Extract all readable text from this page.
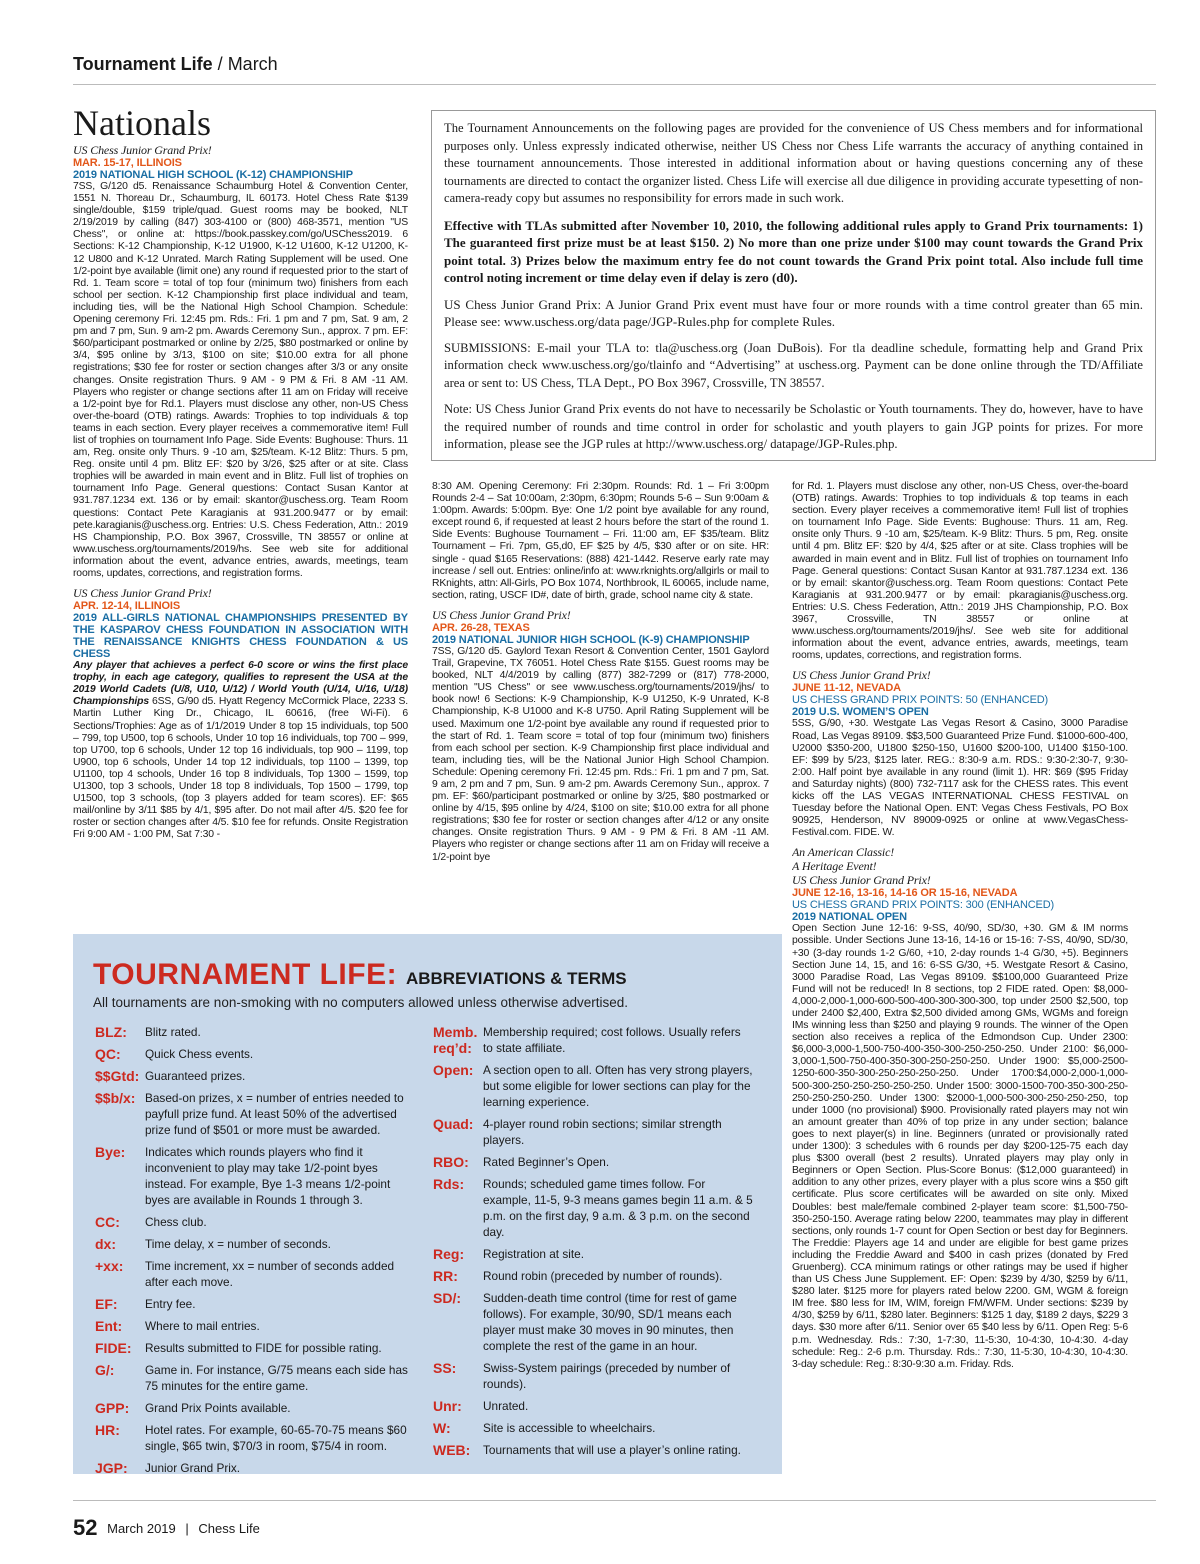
Tournament Life / March
Nationals
US Chess Junior Grand Prix!
MAR. 15-17, ILLINOIS
2019 NATIONAL HIGH SCHOOL (K-12) CHAMPIONSHIP

7SS, G/120 d5. Renaissance Schaumburg Hotel & Convention Center, 1551 N. Thoreau Dr., Schaumburg, IL 60173. Hotel Chess Rate $139 single/double, $159 triple/quad. Guest rooms may be booked, NLT 2/19/2019 by calling (847) 303-4100 or (800) 468-3571, mention "US Chess", or online at: https://book.passkey.com/go/USChess2019. 6 Sections: K-12 Championship, K-12 U1900, K-12 U1600, K-12 U1200, K-12 U800 and K-12 Unrated. March Rating Supplement will be used. One 1/2-point bye available (limit one) any round if requested prior to the start of Rd. 1. Team score = total of top four (minimum two) finishers from each school per section. K-12 Championship first place individual and team, including ties, will be the National High School Champion. Schedule: Opening ceremony Fri. 12:45 pm. Rds.: Fri. 1 pm and 7 pm, Sat. 9 am, 2 pm and 7 pm, Sun. 9 am-2 pm. Awards Ceremony Sun., approx. 7 pm. EF: $60/participant postmarked or online by 2/25, $80 postmarked or online by 3/4, $95 online by 3/13, $100 on site; $10.00 extra for all phone registrations; $30 fee for roster or section changes after 3/3 or any onsite changes. Onsite registration Thurs. 9 AM - 9 PM & Fri. 8 AM -11 AM. Players who register or change sections after 11 am on Friday will receive a 1/2-point bye for Rd.1. Players must disclose any other, non-US Chess over-the-board (OTB) ratings. Awards: Trophies to top individuals & top teams in each section. Every player receives a commemorative item! Full list of trophies on tournament Info Page. Side Events: Bughouse: Thurs. 11 am, Reg. onsite only Thurs. 9 -10 am, $25/team. K-12 Blitz: Thurs. 5 pm, Reg. onsite until 4 pm. Blitz EF: $20 by 3/26, $25 after or at site. Class trophies will be awarded in main event and in Blitz. Full list of trophies on tournament Info Page. General questions: Contact Susan Kantor at 931.787.1234 ext. 136 or by email: skantor@uschess.org. Team Room questions: Contact Pete Karagianis at 931.200.9477 or by email: pete.karagianis@uschess.org. Entries: U.S. Chess Federation, Attn.: 2019 HS Championship, P.O. Box 3967, Crossville, TN 38557 or online at www.uschess.org/tournaments/2019/hs. See web site for additional information about the event, advance entries, awards, meetings, team rooms, updates, corrections, and registration forms.

US Chess Junior Grand Prix!
APR. 12-14, ILLINOIS
2019 ALL-GIRLS NATIONAL CHAMPIONSHIPS PRESENTED BY THE KASPAROV CHESS FOUNDATION IN ASSOCIATION WITH THE RENAISSANCE KNIGHTS CHESS FOUNDATION & US CHESS

Any player that achieves a perfect 6-0 score or wins the first place trophy, in each age category, qualifies to represent the USA at the 2019 World Cadets (U/8, U10, U/12) / World Youth (U/14, U/16, U/18) Championships 6SS, G/90 d5. Hyatt Regency McCormick Place, 2233 S. Martin Luther King Dr., Chicago, IL 60616, (free Wi-Fi). 6 Sections/Trophies: Age as of 1/1/2019 Under 8 top 15 individuals, top 500 – 799, top U500, top 6 schools, Under 10 top 16 individuals, top 700 – 999, top U700, top 6 schools, Under 12 top 16 individuals, top 900 – 1199, top U900, top 6 schools, Under 14 top 12 individuals, top 1100 – 1399, top U1100, top 4 schools, Under 16 top 8 individuals, Top 1300 – 1599, top U1300, top 3 schools, Under 18 top 8 individuals, Top 1500 – 1799, top U1500, top 3 schools, (top 3 players added for team scores). EF: $65 mail/online by 3/11 $85 by 4/1, $95 after. Do not mail after 4/5. $20 fee for roster or section changes after 4/5. $10 fee for refunds. Onsite Registration Fri 9:00 AM - 1:00 PM, Sat 7:30 -

The Tournament Announcements on the following pages are provided for the convenience of US Chess members and for informational purposes only. Unless expressly indicated otherwise, neither US Chess nor Chess Life warrants the accuracy of anything contained in these tournament announcements. Those interested in additional information about or having questions concerning any of these tournaments are directed to contact the organizer listed. Chess Life will exercise all due diligence in providing accurate typesetting of non-camera-ready copy but assumes no responsibility for errors made in such work.

Effective with TLAs submitted after November 10, 2010, the following additional rules apply to Grand Prix tournaments: 1) The guaranteed first prize must be at least $150. 2) No more than one prize under $100 may count towards the Grand Prix point total. 3) Prizes below the maximum entry fee do not count towards the Grand Prix point total. Also include full time control noting increment or time delay even if delay is zero (d0).

US Chess Junior Grand Prix: A Junior Grand Prix event must have four or more rounds with a time control greater than 65 min. Please see: www.uschess.org/data page/JGP-Rules.php for complete Rules.

SUBMISSIONS: E-mail your TLA to: tla@uschess.org (Joan DuBois). For tla deadline schedule, formatting help and Grand Prix information check www.uschess.org/go/tlainfo and “Advertising” at uschess.org. Payment can be done online through the TD/Affiliate area or sent to: US Chess, TLA Dept., PO Box 3967, Crossville, TN 38557.

Note: US Chess Junior Grand Prix events do not have to necessarily be Scholastic or Youth tournaments. They do, however, have to have the required number of rounds and time control in order for scholastic and youth players to gain JGP points for prizes. For more information, please see the JGP rules at http://www.uschess.org/ datapage/JGP-Rules.php.

8:30 AM. Opening Ceremony: Fri 2:30pm. Rounds: Rd. 1 – Fri 3:00pm Rounds 2-4 – Sat 10:00am, 2:30pm, 6:30pm; Rounds 5-6 – Sun 9:00am & 1:00pm. Awards: 5:00pm. Bye: One 1/2 point bye available for any round, except round 6, if requested at least 2 hours before the start of the round 1. Side Events: Bughouse Tournament – Fri. 11:00 am, EF $35/team. Blitz Tournament – Fri. 7pm, G5,d0, EF $25 by 4/5, $30 after or on site. HR: single - quad $165 Reservations: (888) 421-1442. Reserve early rate may increase / sell out. Entries: online/info at: www.rknights.org/allgirls or mail to RKnights, attn: All-Girls, PO Box 1074, Northbrook, IL 60065, include name, section, rating, USCF ID#, date of birth, grade, school name city & state.

US Chess Junior Grand Prix!
APR. 26-28, TEXAS
2019 NATIONAL JUNIOR HIGH SCHOOL (K-9) CHAMPIONSHIP

7SS, G/120 d5. Gaylord Texan Resort & Convention Center, 1501 Gaylord Trail, Grapevine, TX 76051. Hotel Chess Rate $155. Guest rooms may be booked, NLT 4/4/2019 by calling (877) 382-7299 or (817) 778-2000, mention "US Chess" or see www.uschess.org/tournaments/2019/jhs/ to book now! 6 Sections: K-9 Championship, K-9 U1250, K-9 Unrated, K-8 Championship, K-8 U1000 and K-8 U750. April Rating Supplement will be used. Maximum one 1/2-point bye available any round if requested prior to the start of Rd. 1. Team score = total of top four (minimum two) finishers from each school per section. K-9 Championship first place individual and team, including ties, will be the National Junior High School Champion. Schedule: Opening ceremony Fri. 12:45 pm. Rds.: Fri. 1 pm and 7 pm, Sat. 9 am, 2 pm and 7 pm, Sun. 9 am-2 pm. Awards Ceremony Sun., approx. 7 pm. EF: $60/participant postmarked or online by 3/25, $80 postmarked or online by 4/15, $95 online by 4/24, $100 on site; $10.00 extra for all phone registrations; $30 fee for roster or section changes after 4/12 or any onsite changes. Onsite registration Thurs. 9 AM - 9 PM & Fri. 8 AM -11 AM. Players who register or change sections after 11 am on Friday will receive a 1/2-point bye

for Rd. 1. Players must disclose any other, non-US Chess, over-the-board (OTB) ratings. Awards: Trophies to top individuals & top teams in each section. Every player receives a commemorative item! Full list of trophies on tournament Info Page. Side Events: Bughouse: Thurs. 11 am, Reg. onsite only Thurs. 9 -10 am, $25/team. K-9 Blitz: Thurs. 5 pm, Reg. onsite until 4 pm. Blitz EF: $20 by 4/4, $25 after or at site. Class trophies will be awarded in main event and in Blitz. Full list of trophies on tournament Info Page. General questions: Contact Susan Kantor at 931.787.1234 ext. 136 or by email: skantor@uschess.org. Team Room questions: Contact Pete Karagianis at 931.200.9477 or by email: pkaragianis@uschess.org. Entries: U.S. Chess Federation, Attn.: 2019 JHS Championship, P.O. Box 3967, Crossville, TN 38557 or online at www.uschess.org/tournaments/2019/jhs/. See web site for additional information about the event, advance entries, awards, meetings, team rooms, updates, corrections, and registration forms.

US Chess Junior Grand Prix!
JUNE 11-12, NEVADA
US CHESS GRAND PRIX POINTS: 50 (ENHANCED)
2019 U.S. WOMEN’S OPEN

5SS, G/90, +30. Westgate Las Vegas Resort & Casino, 3000 Paradise Road, Las Vegas 89109. $$3,500 Guaranteed Prize Fund. $1000-600-400, U2000 $350-200, U1800 $250-150, U1600 $200-100, U1400 $150-100. EF: $99 by 5/23, $125 later. REG.: 8:30-9 a.m. RDS.: 9:30-2:30-7, 9:30-2:00. Half point bye available in any round (limit 1). HR: $69 ($95 Friday and Saturday nights) (800) 732-7117 ask for the CHESS rates. This event kicks off the LAS VEGAS INTERNATIONAL CHESS FESTIVAL on Tuesday before the National Open. ENT: Vegas Chess Festivals, PO Box 90925, Henderson, NV 89009-0925 or online at www.VegasChess-Festival.com. FIDE. W.

An American Classic!
A Heritage Event!
US Chess Junior Grand Prix!
JUNE 12-16, 13-16, 14-16 OR 15-16, NEVADA
US CHESS GRAND PRIX POINTS: 300 (ENHANCED)
2019 NATIONAL OPEN

Open Section June 12-16: 9-SS, 40/90, SD/30, +30. GM & IM norms possible. Under Sections June 13-16, 14-16 or 15-16: 7-SS, 40/90, SD/30, +30 (3-day rounds 1-2 G/60, +10, 2-day rounds 1-4 G/30, +5). Beginners Section June 14, 15, and 16: 6-SS G/30, +5. Westgate Resort & Casino, 3000 Paradise Road, Las Vegas 89109. $$100,000 Guaranteed Prize Fund will not be reduced! In 8 sections, top 2 FIDE rated. Open: $8,000-4,000-2,000-1,000-600-500-400-300-300-300, top under 2500 $2,500, top under 2400 $2,400, Extra $2,500 divided among GMs, WGMs and foreign IMs winning less than $250 and playing 9 rounds. The winner of the Open section also receives a replica of the Edmondson Cup. Under 2300: $6,000-3,000-1,500-750-400-350-300-250-250-250. Under 2100: $6,000-3,000-1,500-750-400-350-300-250-250-250. Under 1900: $5,000-2500-1250-600-350-300-250-250-250-250. Under 1700:$4,000-2,000-1,000-500-300-250-250-250-250-250. Under 1500: 3000-1500-700-350-300-250-250-250-250-250. Under 1300: $2000-1,000-500-300-250-250-250, top under 1000 (no provisional) $900. Provisionally rated players may not win an amount greater than 40% of top prize in any under section; balance goes to next player(s) in line. Beginners (unrated or provisionally rated under 1300): 3 schedules with 6 rounds per day $200-125-75 each day plus $300 overall (best 2 results). Unrated players may play only in Beginners or Open Section. Plus-Score Bonus: ($12,000 guaranteed) in addition to any other prizes, every player with a plus score wins a $50 gift certificate. Plus score certificates will be awarded on site only. Mixed Doubles: best male/female combined 2-player team score: $1,500-750-350-250-150. Average rating below 2200, teammates may play in different sections, only rounds 1-7 count for Open Section or best day for Beginners. The Freddie: Players age 14 and under are eligible for best game prizes including the Freddie Award and $400 in cash prizes (donated by Fred Gruenberg). CCA minimum ratings or other ratings may be used if higher than US Chess June Supplement. EF: Open: $239 by 4/30, $259 by 6/11, $280 later. $125 more for players rated below 2200. GM, WGM & foreign IM free. $80 less for IM, WIM, foreign FM/WFM. Under sections: $239 by 4/30, $259 by 6/11, $280 later. Beginners: $125 1 day, $189 2 days, $229 3 days. $30 more after 6/11. Senior over 65 $40 less by 6/11. Open Reg: 5-6 p.m. Wednesday. Rds.: 7:30, 1-7:30, 11-5:30, 10-4:30, 10-4:30. 4-day schedule: Reg.: 2-6 p.m. Thursday. Rds.: 7:30, 11-5:30, 10-4:30, 10-4:30. 3-day schedule: Reg.: 8:30-9:30 a.m. Friday. Rds.

TOURNAMENT LIFE: ABBREVIATIONS & TERMS
All tournaments are non-smoking with no computers allowed unless otherwise advertised.
BLZ:	Blitz rated.
QC:	Quick Chess events.
$$Gtd: Guaranteed prizes.
$$b/x: Based-on prizes, x = number of entries needed to payfull prize fund. At least 50% of the advertised prize fund of $501 or more must be awarded.
Bye:	Indicates which rounds players who find it inconvenient to play may take 1/2-point byes instead. For example, Bye 1-3 means 1/2-point byes are available in Rounds 1 through 3.
CC:	Chess club.
dx:	Time delay, x = number of seconds.
+xx:	Time increment, xx = number of seconds added after each move.
EF:	Entry fee.
Ent:	Where to mail entries.
FIDE:	Results submitted to FIDE for possible rating.
G/:	Game in. For instance, G/75 means each side has 75 minutes for the entire game.
GPP:	Grand Prix Points available.
HR:	Hotel rates. For example, 60-65-70-75 means $60 single, $65 twin, $70/3 in room, $75/4 in room.
JGP:	Junior Grand Prix.
Memb. req’d:
Membership required; cost follows. Usually refers to state affiliate.
Open: A section open to all. Often has very strong players, but some eligible for lower sections can play for the learning experience.
Quad: 4-player round robin sections; similar strength players.
RBO:	Rated Beginner’s Open.
Rds:	Rounds; scheduled game times follow. For example, 11-5, 9-3 means games begin 11 a.m. & 5 p.m. on the first day, 9 a.m. & 3 p.m. on the second day.
Reg:	Registration at site.
RR:	Round robin (preceded by number of rounds).
SD/:	Sudden-death time control (time for rest of game follows). For example, 30/90, SD/1 means each player must make 30 moves in 90 minutes, then complete the rest of the game in an hour.
SS:	Swiss-System pairings (preceded by number of rounds).
Unr:	Unrated.
W:	Site is accessible to wheelchairs.
WEB:	Tournaments that will use a player’s online rating.
52 March 2019 | Chess Life
